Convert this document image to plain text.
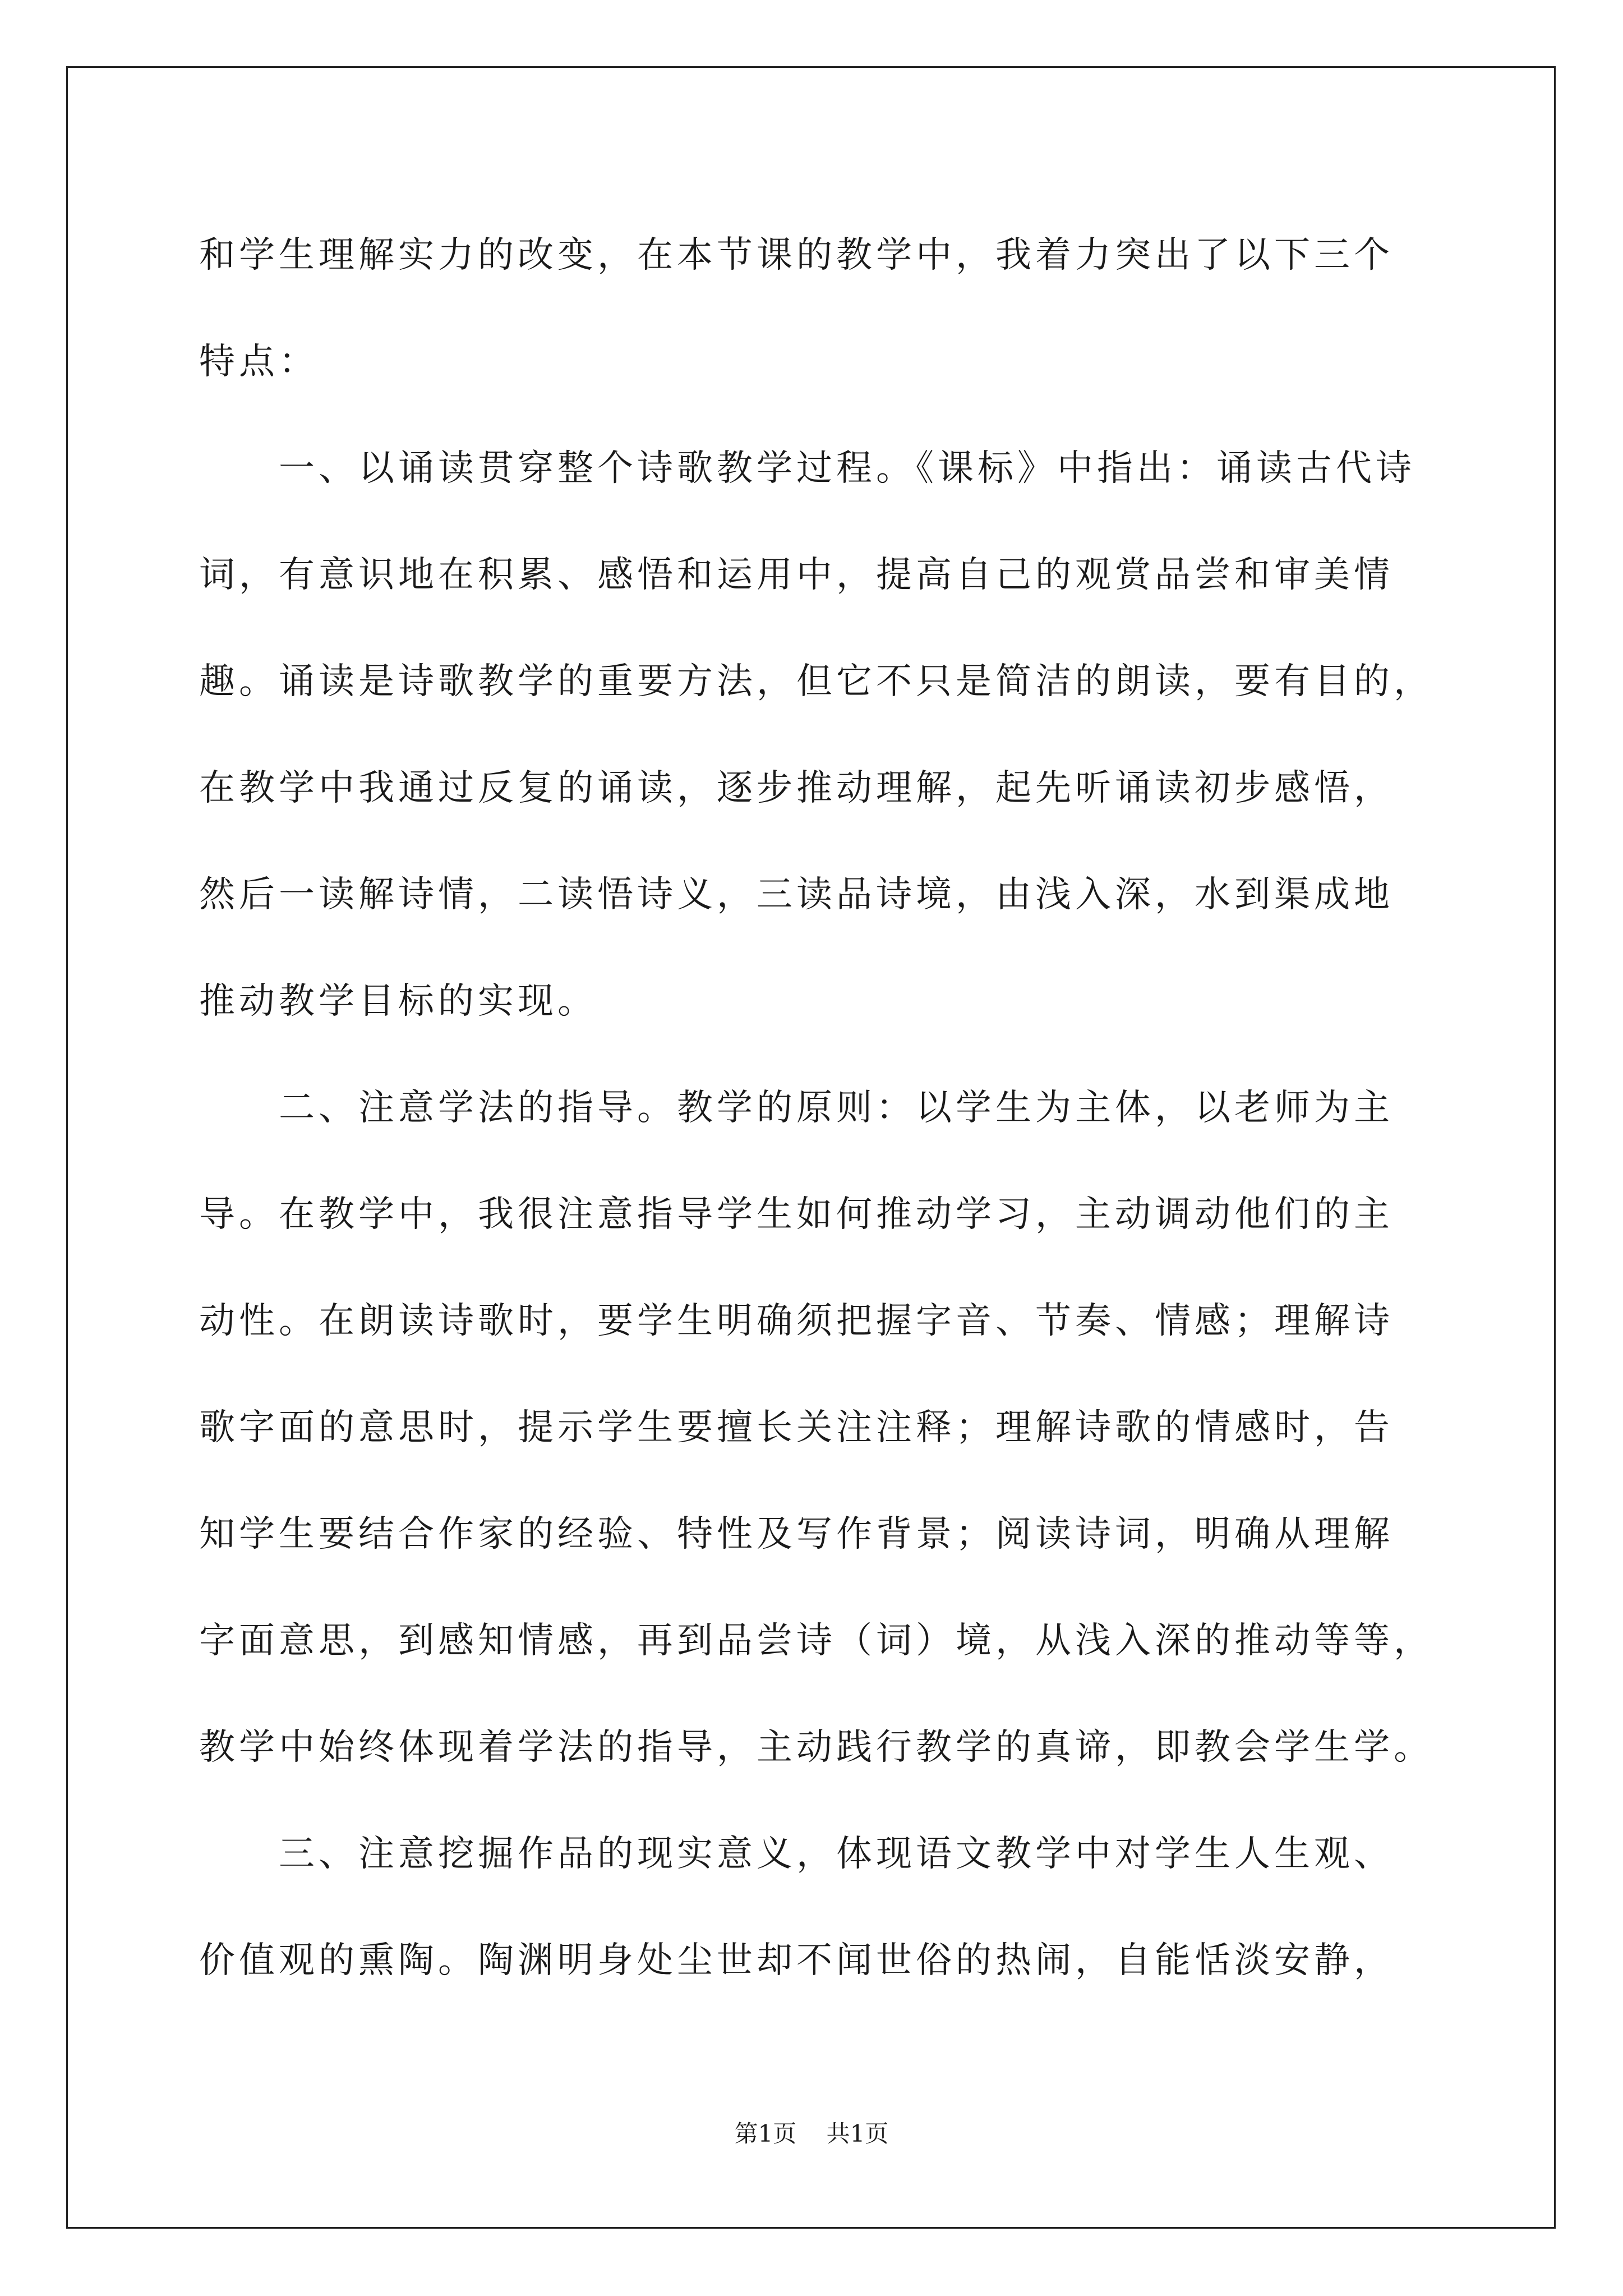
和学生理解实力的改变，在本节课的教学中，我着力突出了以下三个
特点：
一、以诵读贯穿整个诗歌教学过程。《课标》中指出：诵读古代诗
词，有意识地在积累、感悟和运用中，提高自己的观赏品尝和审美情
趣。诵读是诗歌教学的重要方法，但它不只是简洁的朗读，要有目的，
在教学中我通过反复的诵读，逐步推动理解，起先听诵读初步感悟，
然后一读解诗情，二读悟诗义，三读品诗境，由浅入深，水到渠成地
推动教学目标的实现。
二、注意学法的指导。教学的原则：以学生为主体，以老师为主
导。在教学中，我很注意指导学生如何推动学习，主动调动他们的主
动性。在朗读诗歌时，要学生明确须把握字音、节奏、情感；理解诗
歌字面的意思时，提示学生要擅长关注注释；理解诗歌的情感时，告
知学生要结合作家的经验、特性及写作背景；阅读诗词，明确从理解
字面意思，到感知情感，再到品尝诗（词）境，从浅入深的推动等等，
教学中始终体现着学法的指导，主动践行教学的真谛，即教会学生学。
三、注意挖掘作品的现实意义，体现语文教学中对学生人生观、
价值观的熏陶。陶渊明身处尘世却不闻世俗的热闹，自能恬淡安静，
第1页    共1页
